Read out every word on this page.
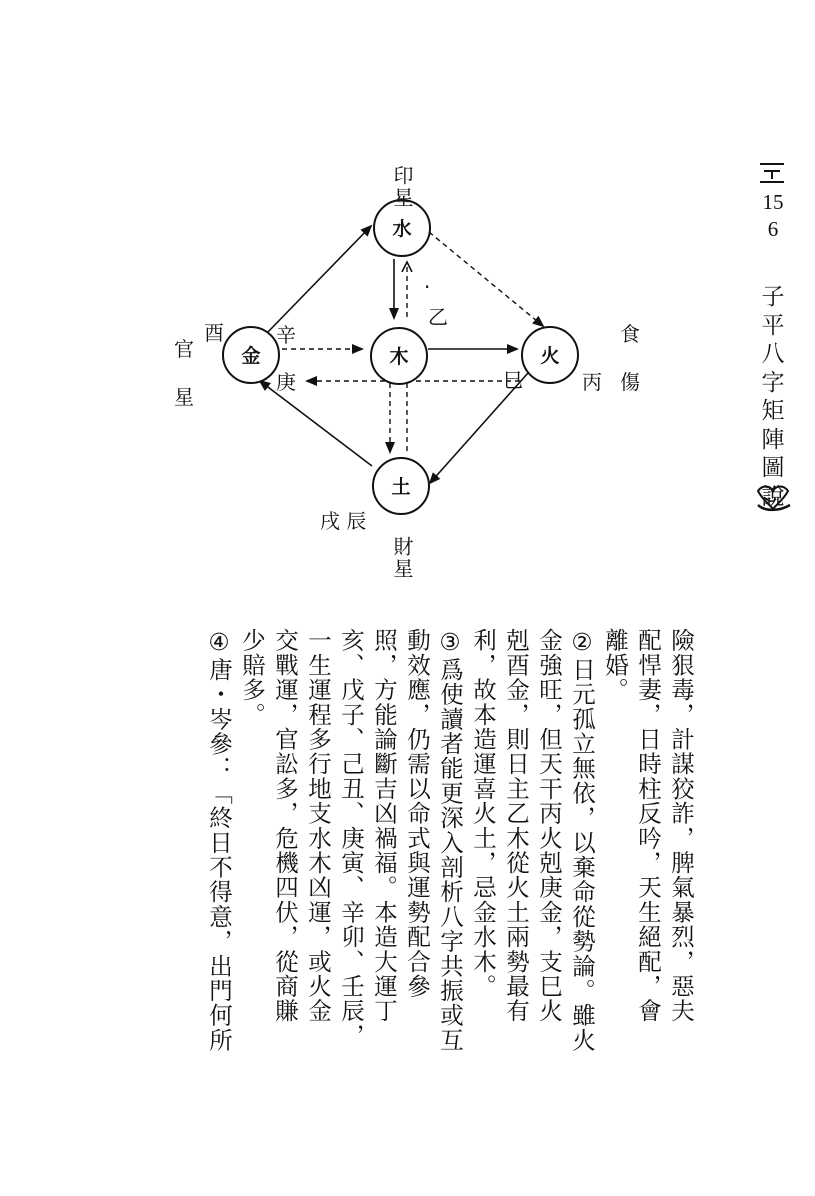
156
子平八字矩陣圖說
水
木
金	火
土
印星
官
星
酉	辛
庚
·
乙
巳	丙
食
傷
戌 辰
財星
險狠毒，計謀狡詐，脾氣暴烈，惡夫
配悍妻，日時柱反吟，天生絕配，會
離婚。
②日元孤立無依，以棄命從勢論。雖火
金強旺，但天干丙火剋庚金，支巳火
剋酉金，則日主乙木從火土兩勢最有
利，故本造運喜火土，忌金水木。
③爲使讀者能更深入剖析八字共振或互
動效應，仍需以命式與運勢配合參
照，方能論斷吉凶禍福。本造大運丁
亥、戊子、己丑、庚寅、辛卯、壬辰，
一生運程多行地支水木凶運，或火金
交戰運，官訟多，危機四伏，從商賺
少賠多。
④唐・岑參：「終日不得意，出門何所
